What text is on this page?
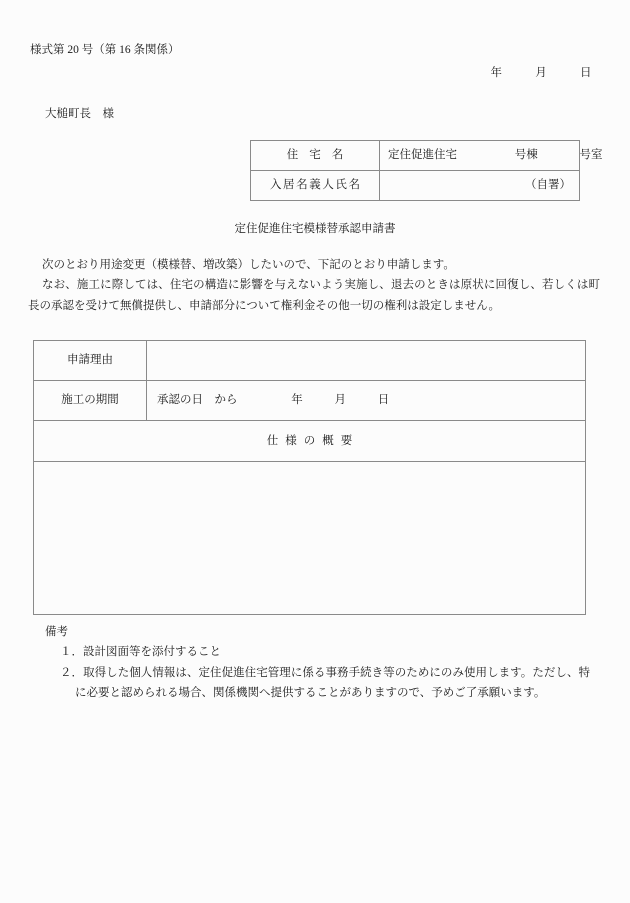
様式第 20 号（第 16 条関係）
年	月	日
大槌町長　様
住宅名	定住促進住宅 号棟 号室
入居名義人氏名	（自署）
定住促進住宅模様替承認申請書

次のとおり用途変更（模様替、増改築）したいので、下記のとおり申請します。

なお、施工に際しては、住宅の構造に影響を与えないよう実施し、退去のときは原状に回復し、若しくは町長の承認を受けて無償提供し、申請部分について権利金その他一切の権利は設定しません。

申請理由	
施工の期間	承認の日　から 年 月 日
仕様の概要	

備考

１．設計図面等を添付すること

２．取得した個人情報は、定住促進住宅管理に係る事務手続き等のためにのみ使用します。ただし、特に必要と認められる場合、関係機関へ提供することがありますので、予めご了承願います。
